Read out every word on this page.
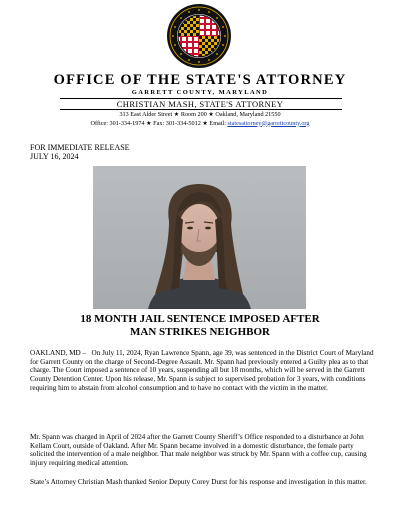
OFFICE OF THE STATE'S ATTORNEY
GARRETT COUNTY, MARYLAND
CHRISTIAN MASH, STATE'S ATTORNEY
313 East Alder Street ★ Room 200 ★ Oakland, Maryland 21550
Office: 301-334-1974 ★ Fax: 301-334-5012 ★ Email: statesattorney@garrettcounty.org
FOR IMMEDIATE RELEASE
JULY 16, 2024
18 MONTH JAIL SENTENCE IMPOSED AFTER
MAN STRIKES NEIGHBOR
OAKLAND, MD – On July 11, 2024, Ryan Lawrence Spann, age 39, was sentenced in the District Court of Maryland for Garrett County on the charge of Second-Degree Assault. Mr. Spann had previously entered a Guilty plea as to that charge. The Court imposed a sentence of 10 years, suspending all but 18 months, which will be served in the Garrett County Detention Center. Upon his release, Mr. Spann is subject to supervised probation for 3 years, with conditions requiring him to abstain from alcohol consumption and to have no contact with the victim in the matter.
Mr. Spann was charged in April of 2024 after the Garrett County Sheriff’s Office responded to a disturbance at John Kellam Court, outside of Oakland. After Mr. Spann became involved in a domestic disturbance, the female party solicited the intervention of a male neighbor. That male neighbor was struck by Mr. Spann with a coffee cup, causing injury requiring medical attention.
State’s Attorney Christian Mash thanked Senior Deputy Corey Durst for his response and investigation in this matter.
